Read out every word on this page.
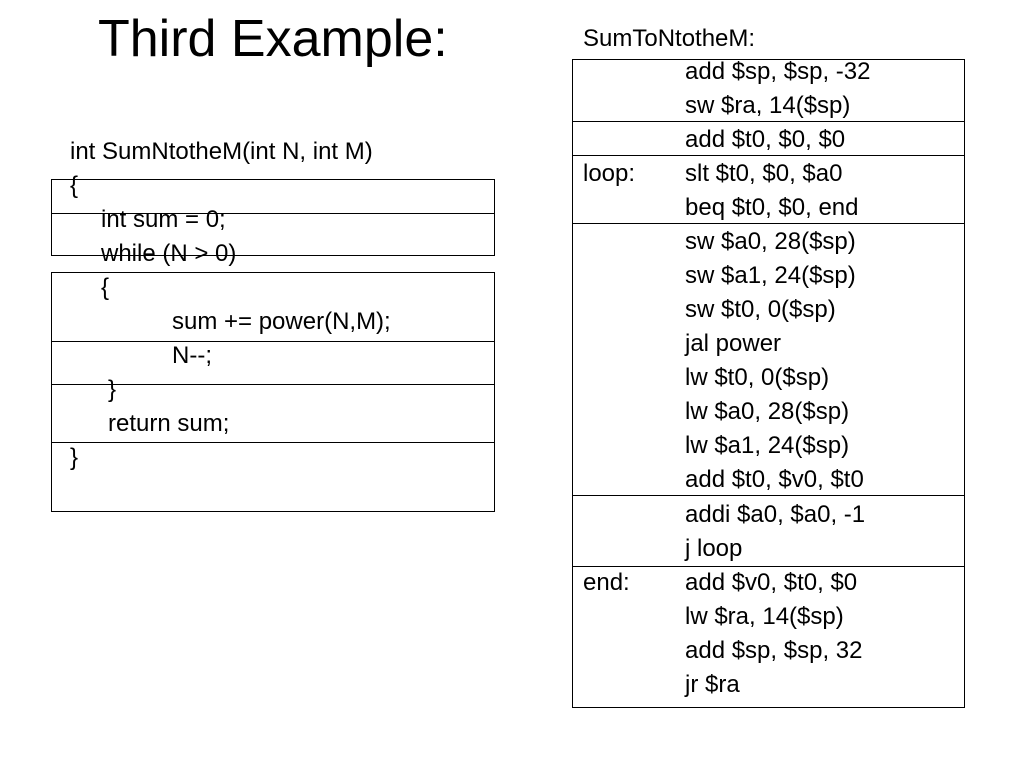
Third Example:
int SumNtotheM(int N, int M)
{
int sum = 0;
while (N > 0)
{
sum += power(N,M);
N--;
}
return sum;
}
SumToNtotheM:
loop:
end:
add $sp, $sp, -32
sw $ra, 14($sp)
add $t0, $0, $0
slt $t0, $0, $a0
beq $t0, $0, end
sw $a0, 28($sp)
sw $a1, 24($sp)
sw $t0, 0($sp)
jal power
lw $t0, 0($sp)
lw $a0, 28($sp)
lw $a1, 24($sp)
add $t0, $v0, $t0
addi $a0, $a0, -1
j loop
add $v0, $t0, $0
lw $ra, 14($sp)
add $sp, $sp, 32
jr $ra
